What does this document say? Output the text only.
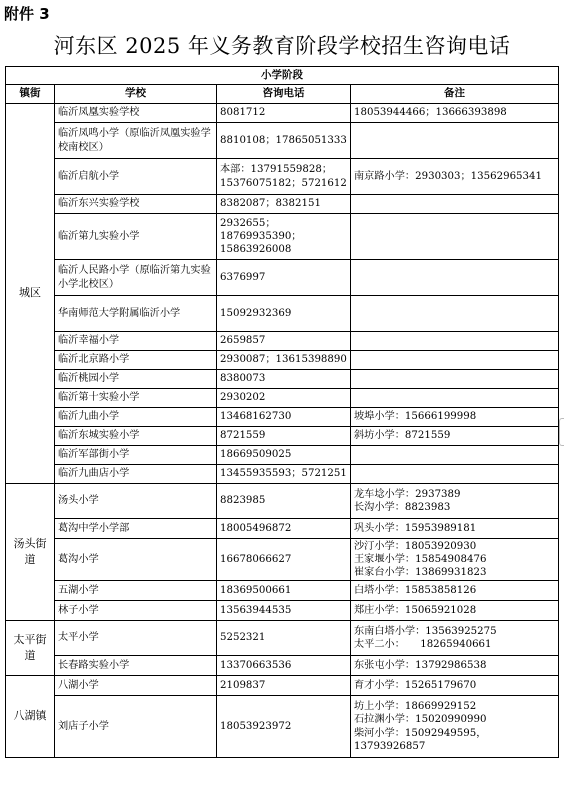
附件 3
河东区 2025 年义务教育阶段学校招生咨询电话
小学阶段			
镇街	学校	咨询电话	备注
城区	临沂凤凰实验学校	8081712	18053944466；13666393898
	临沂凤鸣小学（原临沂凤凰实验学校南校区）	8810108；17865051333	
	临沂启航小学	本部：13791559828；15376075182；5721612	南京路小学：2930303；13562965341
	临沂东兴实验学校	8382087；8382151	
	临沂第九实验小学	2932655；18769935390；15863926008	
	临沂人民路小学（原临沂第九实验小学北校区）	6376997	
	华南师范大学附属临沂小学	15092932369	
	临沂幸福小学	2659857	
	临沂北京路小学	2930087；13615398890	
	临沂桃园小学	8380073	
	临沂第十实验小学	2930202	
	临沂九曲小学	13468162730	坡埠小学：15666199998
	临沂东城实验小学	8721559	斜坊小学：8721559
	临沂军部街小学	18669509025	
	临沂九曲店小学	13455935593；5721251	
汤头街道	汤头小学	8823985	龙车埝小学：2937389
长沟小学：8823983

	葛沟中学小学部	18005496872	巩头小学：15953989181
	葛沟小学	16678066627	沙汀小学：18053920930
王家堰小学：15854908476
崔家台小学：13869931823

	五湖小学	18369500661	白塔小学：15853858126
	林子小学	13563944535	郑庄小学：15065921028
太平街道	太平小学	5252321	东南白塔小学：13563925275
太平二小：　　18265940661

	长春路实验小学	13370663536	东张屯小学：13792986538
八湖镇	八湖小学	2109837	育才小学：15265179670
	刘店子小学	18053923972	坊上小学：18669929152
石拉渊小学：15020990990
柴河小学：15092949595，
13793926857
